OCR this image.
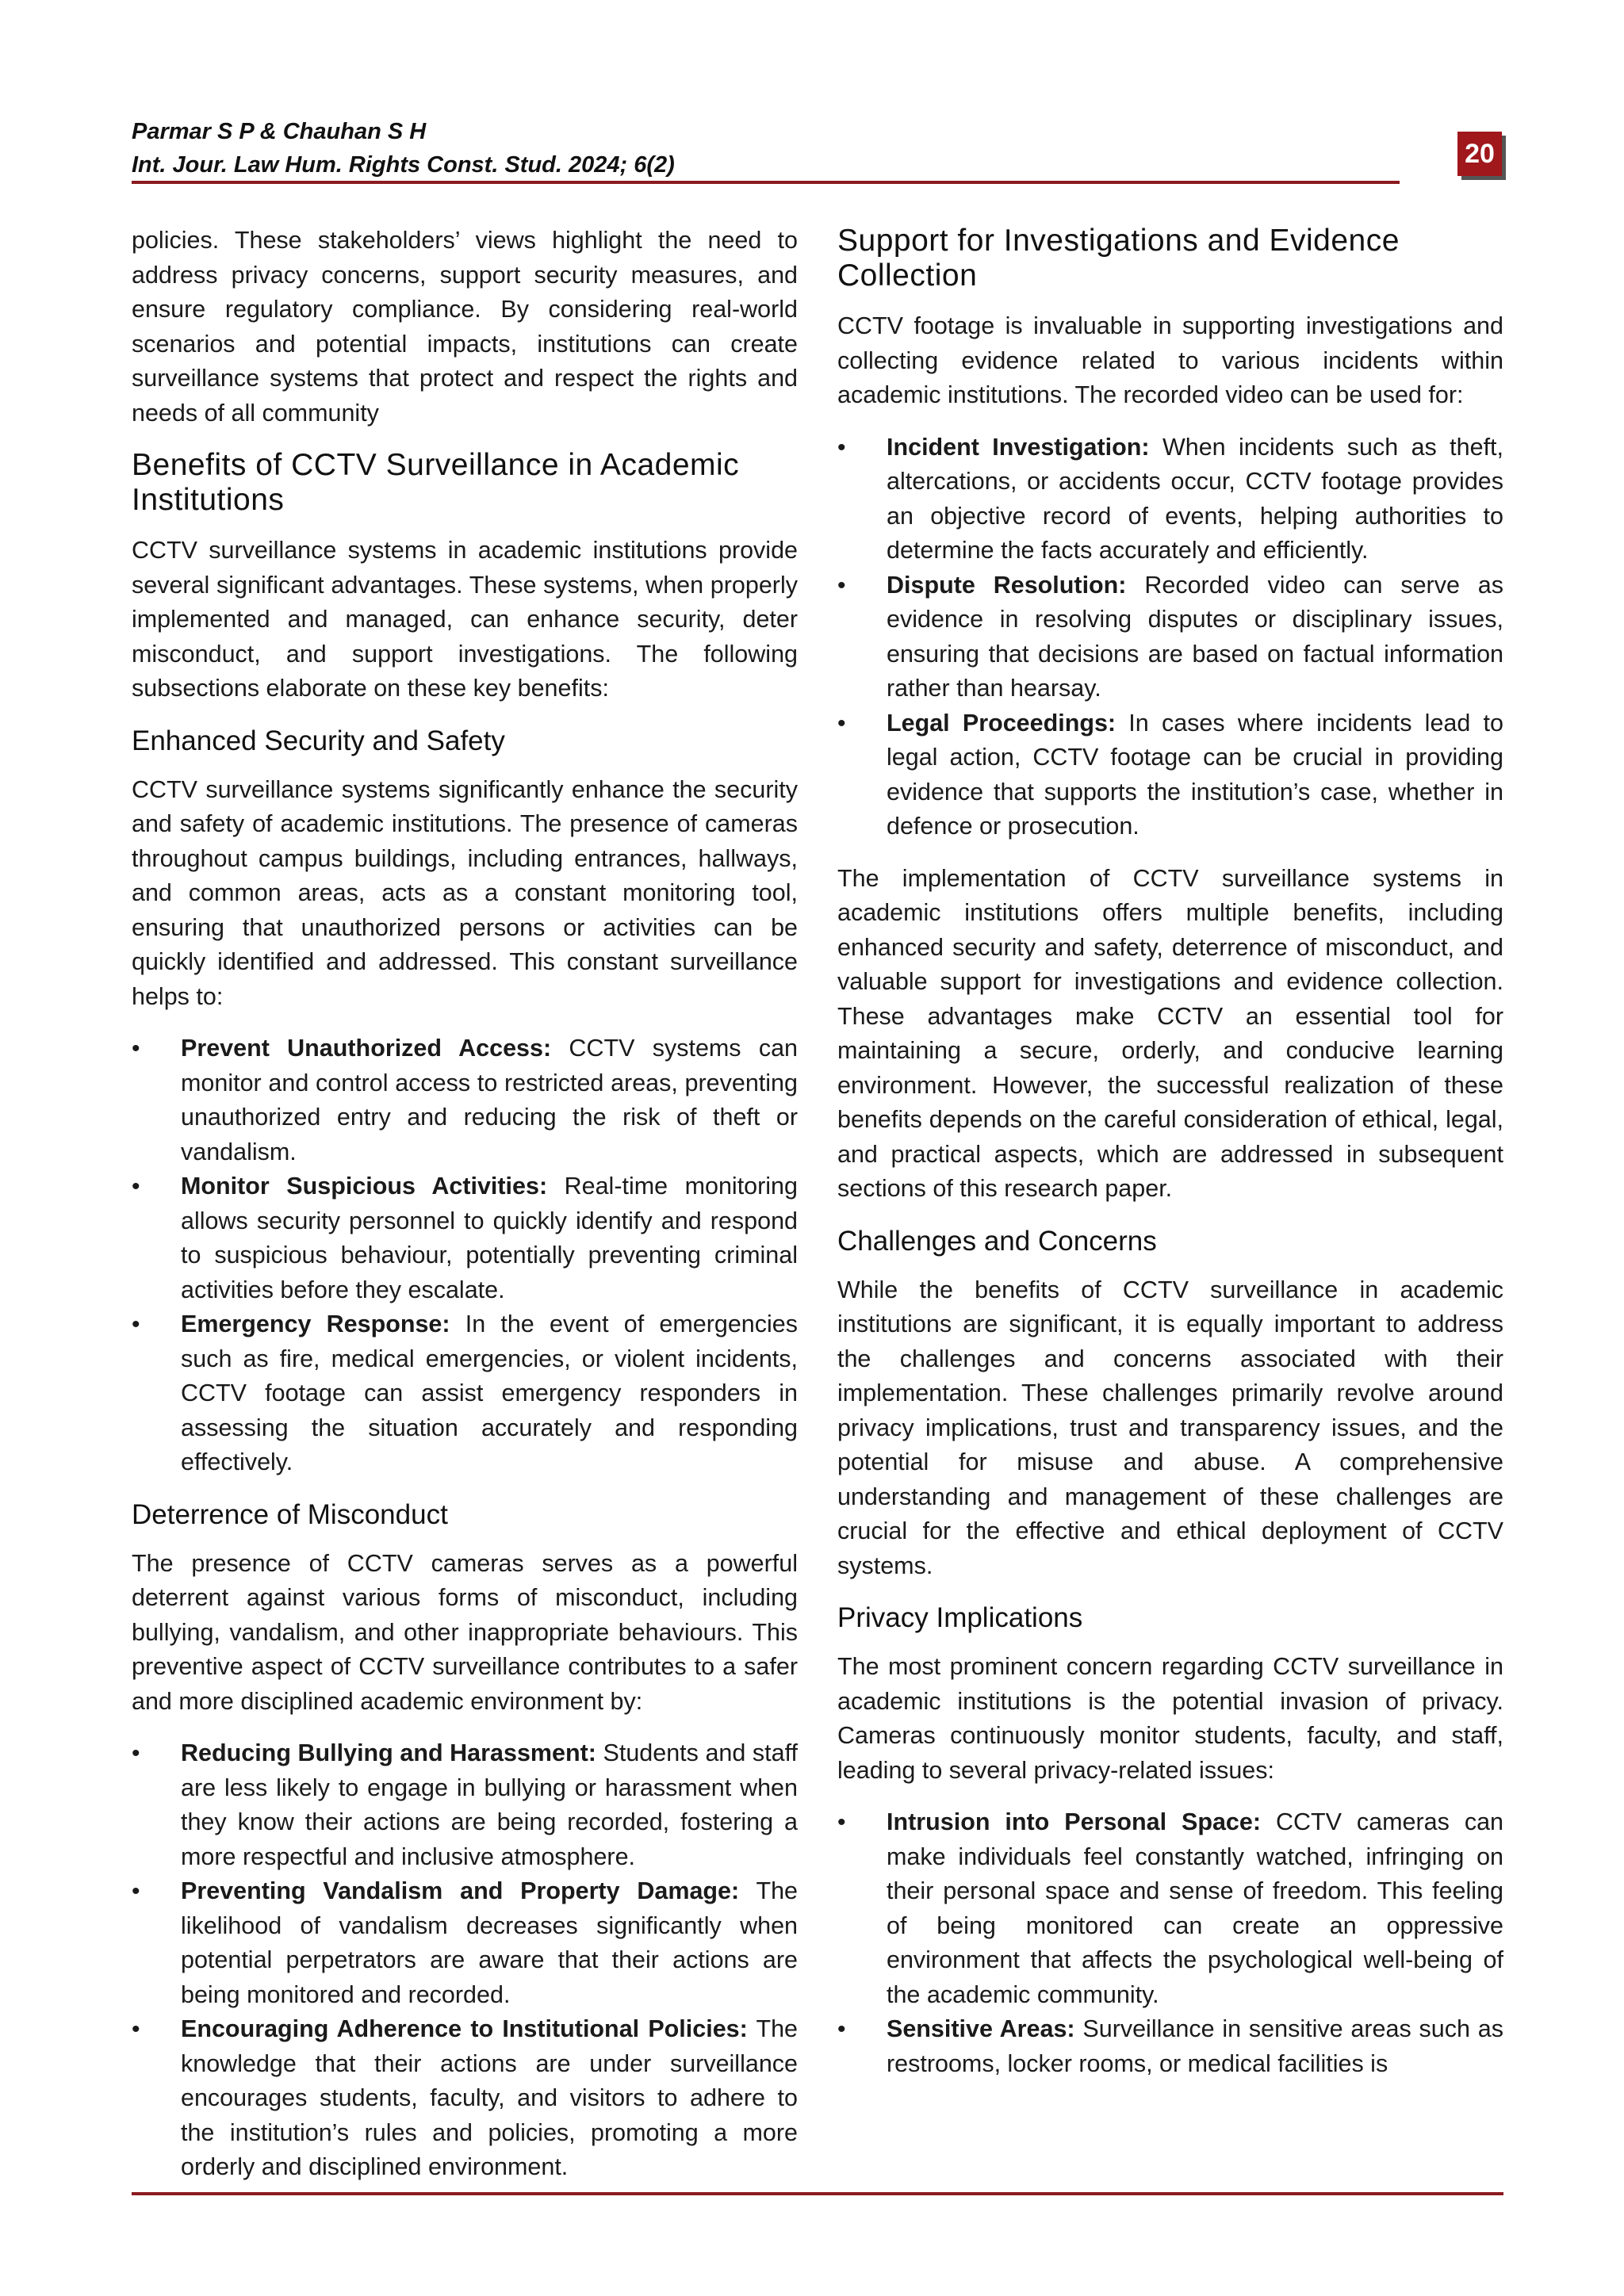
Parmar S P & Chauhan S H
Int. Jour. Law Hum. Rights Const. Stud. 2024; 6(2)	20

policies. These stakeholders’ views highlight the need to address privacy concerns, support security measures, and ensure regulatory compliance. By considering real-world scenarios and potential impacts, institutions can create surveillance systems that protect and respect the rights and needs of all community

Benefits of CCTV Surveillance in Academic Institutions

CCTV surveillance systems in academic institutions provide several significant advantages. These systems, when properly implemented and managed, can enhance security, deter misconduct, and support investigations. The following subsections elaborate on these key benefits:

Enhanced Security and Safety

CCTV surveillance systems significantly enhance the security and safety of academic institutions. The presence of cameras throughout campus buildings, including entrances, hallways, and common areas, acts as a constant monitoring tool, ensuring that unauthorized persons or activities can be quickly identified and addressed. This constant surveillance helps to:

• Prevent Unauthorized Access: CCTV systems can monitor and control access to restricted areas, preventing unauthorized entry and reducing the risk of theft or vandalism.
• Monitor Suspicious Activities: Real-time monitoring allows security personnel to quickly identify and respond to suspicious behaviour, potentially preventing criminal activities before they escalate.
• Emergency Response: In the event of emergencies such as fire, medical emergencies, or violent incidents, CCTV footage can assist emergency responders in assessing the situation accurately and responding effectively.
Deterrence of Misconduct

The presence of CCTV cameras serves as a powerful deterrent against various forms of misconduct, including bullying, vandalism, and other inappropriate behaviours. This preventive aspect of CCTV surveillance contributes to a safer and more disciplined academic environment by:

• Reducing Bullying and Harassment: Students and staff are less likely to engage in bullying or harassment when they know their actions are being recorded, fostering a more respectful and inclusive atmosphere.
• Preventing Vandalism and Property Damage: The likelihood of vandalism decreases significantly when potential perpetrators are aware that their actions are being monitored and recorded.
• Encouraging Adherence to Institutional Policies: The knowledge that their actions are under surveillance encourages students, faculty, and visitors to adhere to the institution’s rules and policies, promoting a more orderly and disciplined environment.
Support for Investigations and Evidence Collection

CCTV footage is invaluable in supporting investigations and collecting evidence related to various incidents within academic institutions. The recorded video can be used for:

• Incident Investigation: When incidents such as theft, altercations, or accidents occur, CCTV footage provides an objective record of events, helping authorities to determine the facts accurately and efficiently.
• Dispute Resolution: Recorded video can serve as evidence in resolving disputes or disciplinary issues, ensuring that decisions are based on factual information rather than hearsay.
• Legal Proceedings: In cases where incidents lead to legal action, CCTV footage can be crucial in providing evidence that supports the institution’s case, whether in defence or prosecution.

The implementation of CCTV surveillance systems in academic institutions offers multiple benefits, including enhanced security and safety, deterrence of misconduct, and valuable support for investigations and evidence collection. These advantages make CCTV an essential tool for maintaining a secure, orderly, and conducive learning environment. However, the successful realization of these benefits depends on the careful consideration of ethical, legal, and practical aspects, which are addressed in subsequent sections of this research paper.

Challenges and Concerns

While the benefits of CCTV surveillance in academic institutions are significant, it is equally important to address the challenges and concerns associated with their implementation. These challenges primarily revolve around privacy implications, trust and transparency issues, and the potential for misuse and abuse. A comprehensive understanding and management of these challenges are crucial for the effective and ethical deployment of CCTV systems.

Privacy Implications

The most prominent concern regarding CCTV surveillance in academic institutions is the potential invasion of privacy. Cameras continuously monitor students, faculty, and staff, leading to several privacy-related issues:

• Intrusion into Personal Space: CCTV cameras can make individuals feel constantly watched, infringing on their personal space and sense of freedom. This feeling of being monitored can create an oppressive environment that affects the psychological well-being of the academic community.
• Sensitive Areas: Surveillance in sensitive areas such as restrooms, locker rooms, or medical facilities is
